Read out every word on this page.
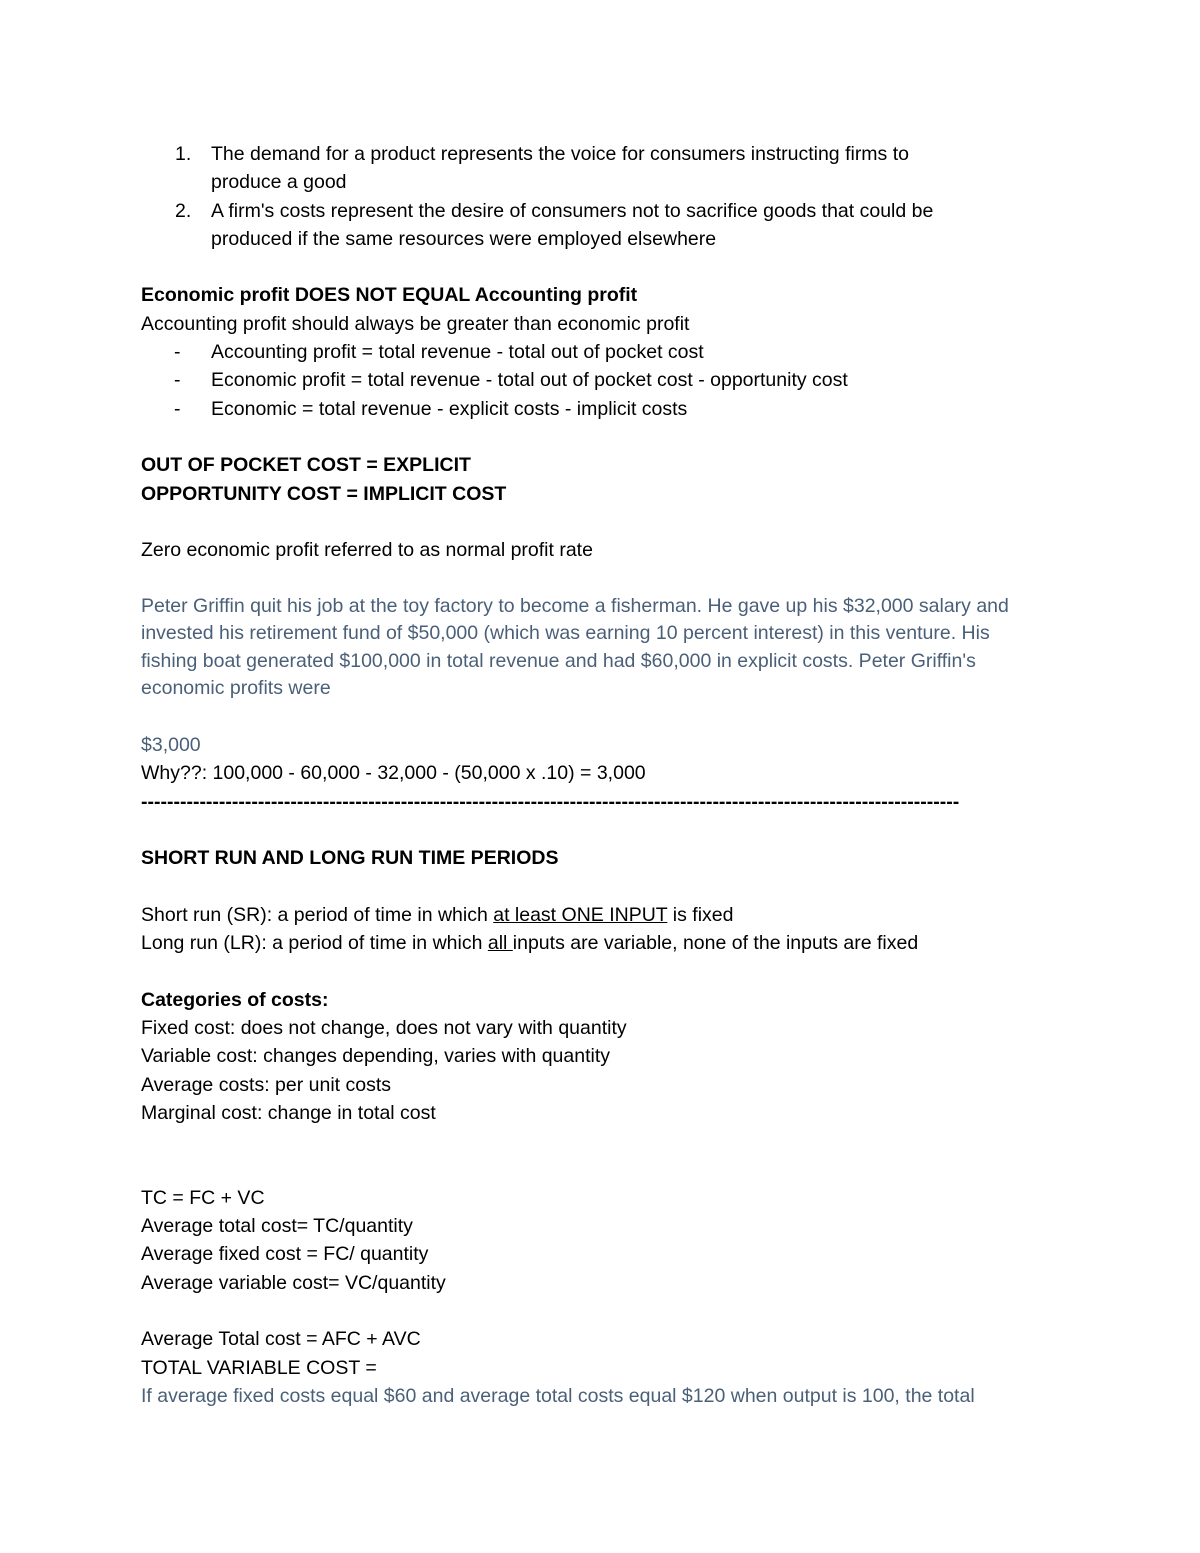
1.	The demand for a product represents the voice for consumers instructing firms to
produce a good
2.	A firm's costs represent the desire of consumers not to sacrifice goods that could be
produced if the same resources were employed elsewhere
Economic profit DOES NOT EQUAL Accounting profit
Accounting profit should always be greater than economic profit
- Accounting profit = total revenue - total out of pocket cost
- Economic profit = total revenue - total out of pocket cost - opportunity cost
- Economic = total revenue - explicit costs - implicit costs
OUT OF POCKET COST = EXPLICIT
OPPORTUNITY COST = IMPLICIT COST
Zero economic profit referred to as normal profit rate
Peter Griffin quit his job at the toy factory to become a fisherman. He gave up his $32,000 salary and
invested his retirement fund of $50,000 (which was earning 10 percent interest) in this venture. His
fishing boat generated $100,000 in total revenue and had $60,000 in explicit costs. Peter Griffin's
economic profits were
$3,000
Why??: 100,000 - 60,000 - 32,000 - (50,000 x .10) = 3,000
------------------------------------------------------------------------------------------------------------------------------
SHORT RUN AND LONG RUN TIME PERIODS
Short run (SR): a period of time in which at least ONE INPUT is fixed
Long run (LR): a period of time in which all inputs are variable, none of the inputs are fixed
Categories of costs:
Fixed cost: does not change, does not vary with quantity
Variable cost: changes depending, varies with quantity
Average costs: per unit costs
Marginal cost: change in total cost
TC = FC + VC
Average total cost= TC/quantity
Average fixed cost = FC/ quantity
Average variable cost= VC/quantity
Average Total cost = AFC + AVC
TOTAL VARIABLE COST =
If average fixed costs equal $60 and average total costs equal $120 when output is 100, the total
